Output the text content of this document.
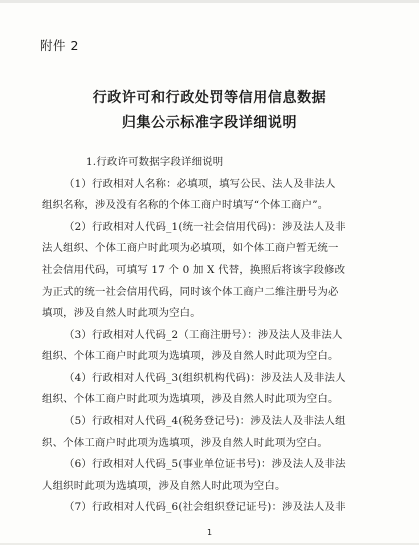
附件 2
行政许可和行政处罚等信用信息数据
归集公示标准字段详细说明
1.行政许可数据字段详细说明
（1）行政相对人名称：必填项，填写公民、法人及非法人
组织名称，涉及没有名称的个体工商户时填写“个体工商户”。
（2）行政相对人代码_1(统一社会信用代码)：涉及法人及非
法人组织、个体工商户时此项为必填项，如个体工商户暂无统一
社会信用代码，可填写 17 个 0 加 X 代替，换照后将该字段修改
为正式的统一社会信用代码，同时该个体工商户二维注册号为必
填项，涉及自然人时此项为空白。
（3）行政相对人代码_2（工商注册号）：涉及法人及非法人
组织、个体工商户时此项为选填项，涉及自然人时此项为空白。
（4）行政相对人代码_3(组织机构代码)：涉及法人及非法人
组织、个体工商户时此项为选填项，涉及自然人时此项为空白。
（5）行政相对人代码_4(税务登记号)：涉及法人及非法人组
织、个体工商户时此项为选填项，涉及自然人时此项为空白。
（6）行政相对人代码_5(事业单位证书号)：涉及法人及非法
人组织时此项为选填项，涉及自然人时此项为空白。
（7）行政相对人代码_6(社会组织登记证号)：涉及法人及非
1
